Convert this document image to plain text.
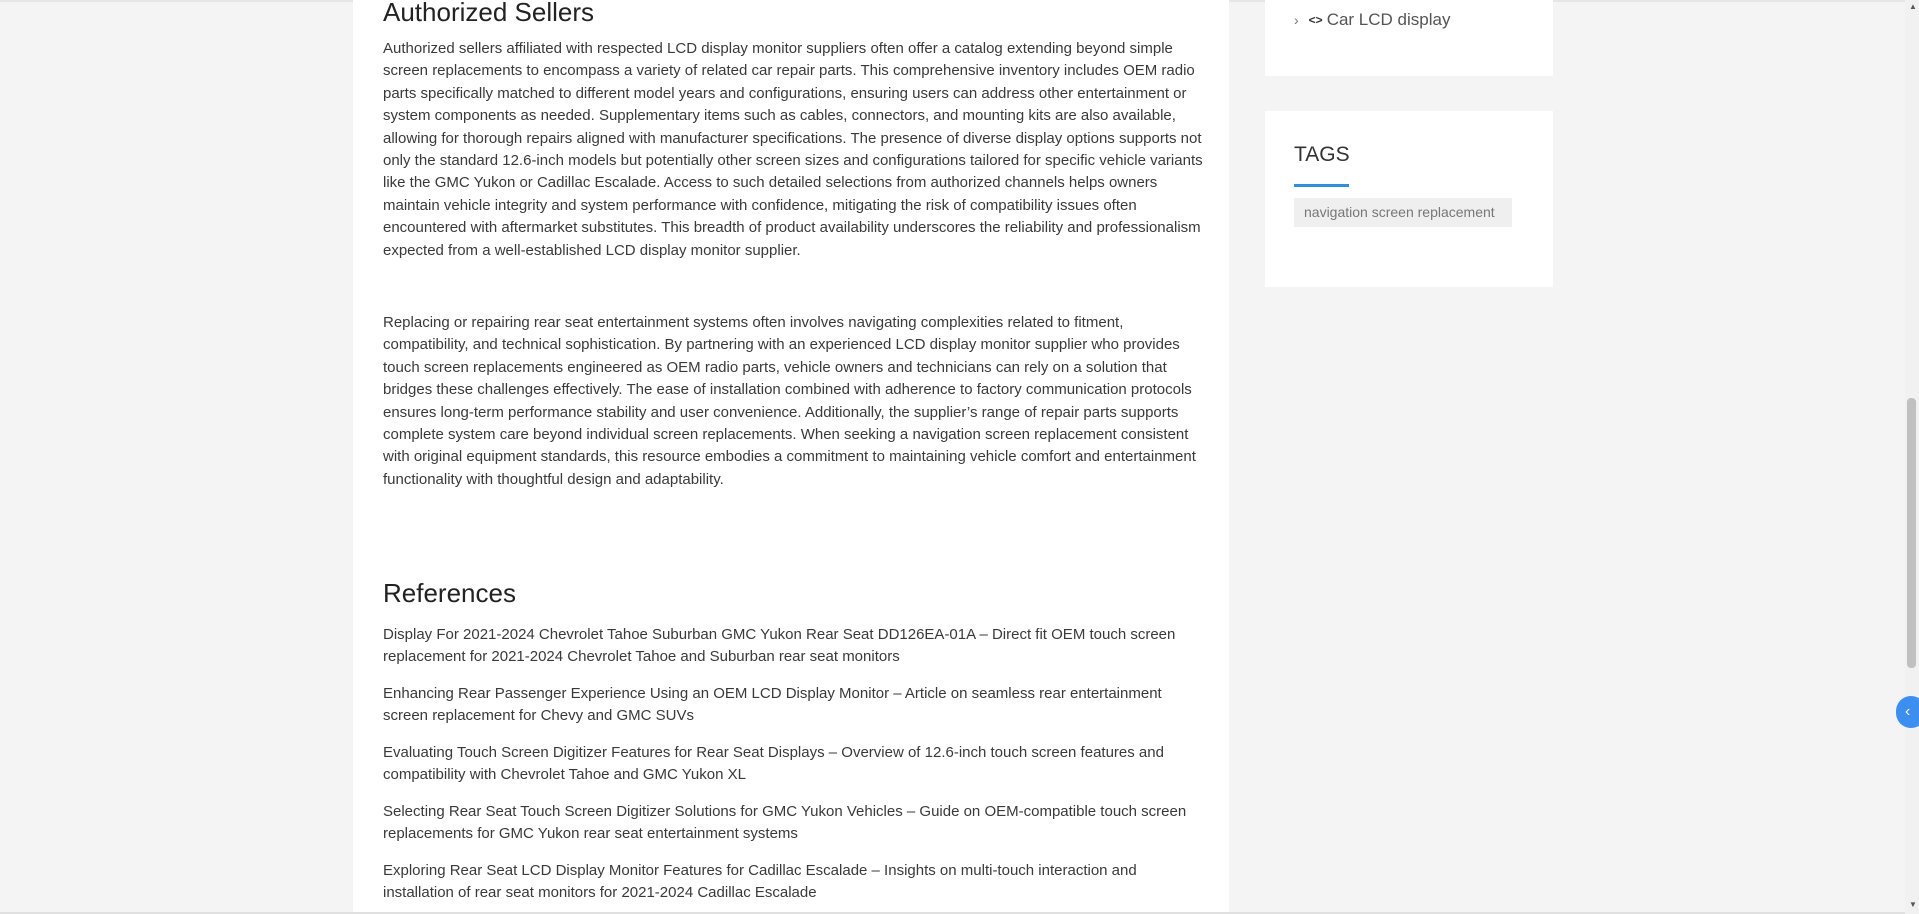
Authorized Sellers

Authorized sellers affiliated with respected LCD display monitor suppliers often offer a catalog extending beyond simple screen replacements to encompass a variety of related car repair parts. This comprehensive inventory includes OEM radio parts specifically matched to different model years and configurations, ensuring users can address other entertainment or system components as needed. Supplementary items such as cables, connectors, and mounting kits are also available, allowing for thorough repairs aligned with manufacturer specifications. The presence of diverse display options supports not only the standard 12.6-inch models but potentially other screen sizes and configurations tailored for specific vehicle variants like the GMC Yukon or Cadillac Escalade. Access to such detailed selections from authorized channels helps owners maintain vehicle integrity and system performance with confidence, mitigating the risk of compatibility issues often encountered with aftermarket substitutes. This breadth of product availability underscores the reliability and professionalism expected from a well-established LCD display monitor supplier.

Replacing or repairing rear seat entertainment systems often involves navigating complexities related to fitment, compatibility, and technical sophistication. By partnering with an experienced LCD display monitor supplier who provides touch screen replacements engineered as OEM radio parts, vehicle owners and technicians can rely on a solution that bridges these challenges effectively. The ease of installation combined with adherence to factory communication protocols ensures long-term performance stability and user convenience. Additionally, the supplier’s range of repair parts supports complete system care beyond individual screen replacements. When seeking a navigation screen replacement consistent with original equipment standards, this resource embodies a commitment to maintaining vehicle comfort and entertainment functionality with thoughtful design and adaptability.

References
Display For 2021-2024 Chevrolet Tahoe Suburban GMC Yukon Rear Seat DD126EA-01A – Direct fit OEM touch screen replacement for 2021-2024 Chevrolet Tahoe and Suburban rear seat monitors
Enhancing Rear Passenger Experience Using an OEM LCD Display Monitor – Article on seamless rear entertainment screen replacement for Chevy and GMC SUVs
Evaluating Touch Screen Digitizer Features for Rear Seat Displays – Overview of 12.6-inch touch screen features and compatibility with Chevrolet Tahoe and GMC Yukon XL
Selecting Rear Seat Touch Screen Digitizer Solutions for GMC Yukon Vehicles – Guide on OEM-compatible touch screen replacements for GMC Yukon rear seat entertainment systems
Exploring Rear Seat LCD Display Monitor Features for Cadillac Escalade – Insights on multi-touch interaction and installation of rear seat monitors for 2021-2024 Cadillac Escalade
› <> Car LCD display
TAGS
navigation screen replacement
▲
▼
‹
